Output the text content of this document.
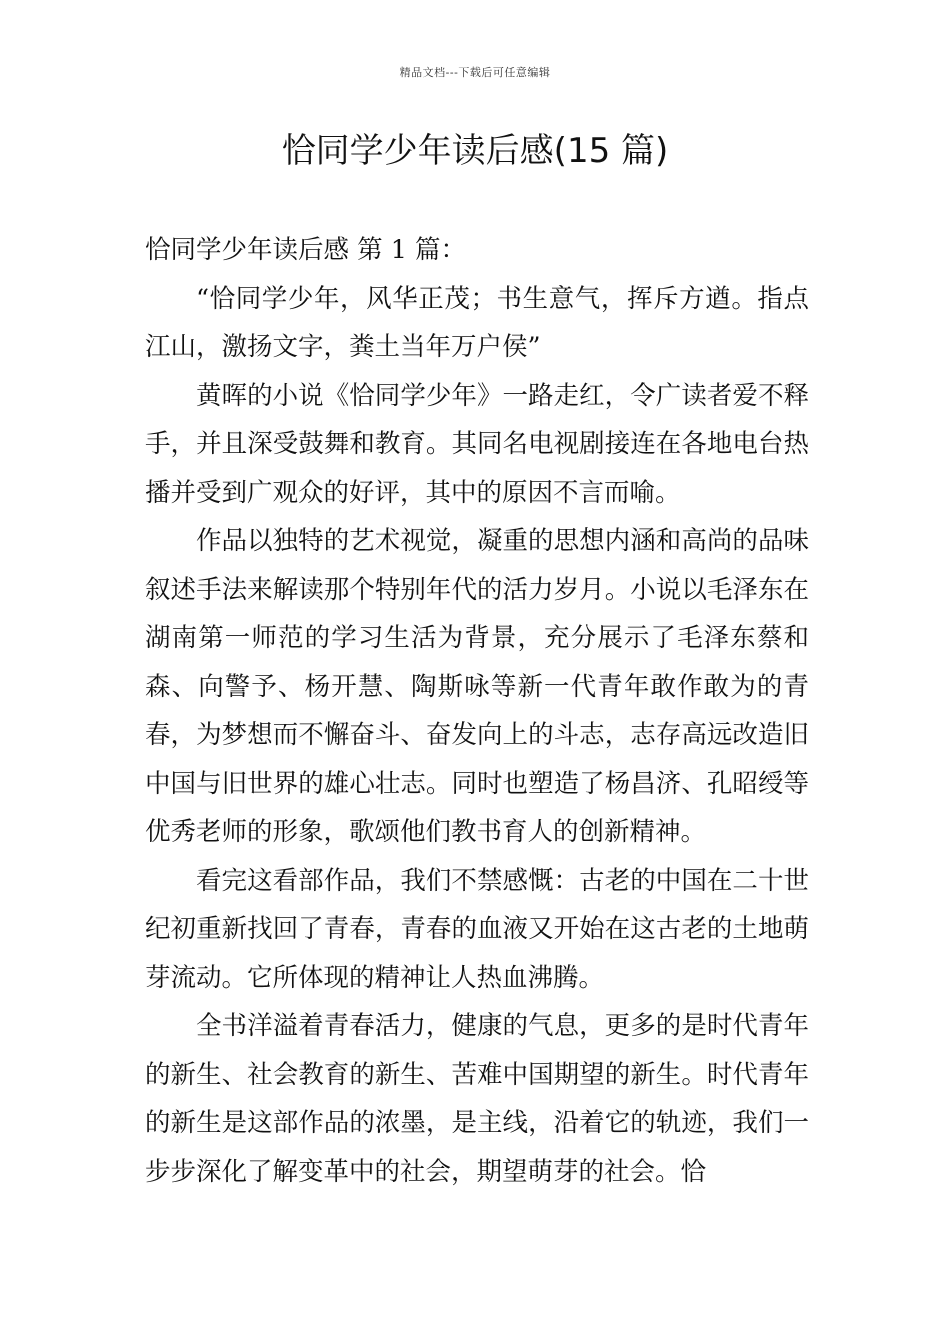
精品文档---下载后可任意编辑
恰同学少年读后感(15 篇)

恰同学少年读后感 第 1 篇：

“恰同学少年，风华正茂；书生意气，挥斥方遒。指点江山，激扬文字，粪土当年万户侯”

黄晖的小说《恰同学少年》一路走红，令广读者爱不释手，并且深受鼓舞和教育。其同名电视剧接连在各地电台热播并受到广观众的好评，其中的原因不言而喻。

作品以独特的艺术视觉，凝重的思想内涵和高尚的品味叙述手法来解读那个特别年代的活力岁月。小说以毛泽东在湖南第一师范的学习生活为背景，充分展示了毛泽东蔡和森、向警予、杨开慧、陶斯咏等新一代青年敢作敢为的青春，为梦想而不懈奋斗、奋发向上的斗志，志存高远改造旧中国与旧世界的雄心壮志。同时也塑造了杨昌济、孔昭绶等优秀老师的形象，歌颂他们教书育人的创新精神。

看完这看部作品，我们不禁感慨：古老的中国在二十世纪初重新找回了青春，青春的血液又开始在这古老的土地萌芽流动。它所体现的精神让人热血沸腾。

全书洋溢着青春活力，健康的气息，更多的是时代青年的新生、社会教育的新生、苦难中国期望的新生。时代青年的新生是这部作品的浓墨，是主线，沿着它的轨迹，我们一步步深化了解变革中的社会，期望萌芽的社会。恰
